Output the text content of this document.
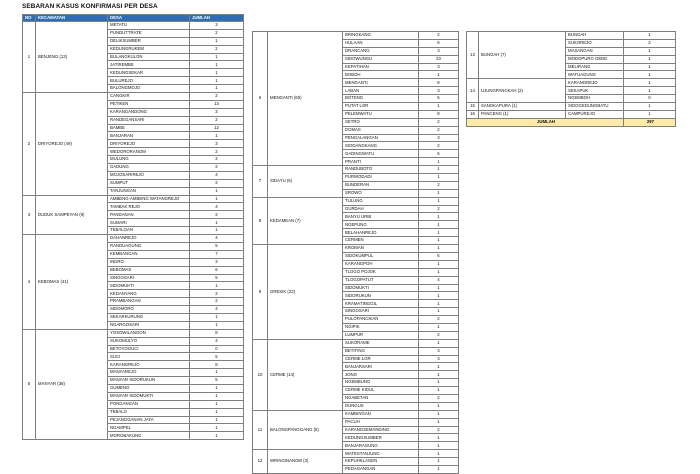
SEBARAN KASUS KONFIRMASI PER DESA
NO	KECAMATAN	DESA	JUMLAH
1	BENJENG (13)	METATU	3
		PUNDUTTRATE	2
		DELIKSUMBER	1
		KEDUNGRUKEM	2
		BULANGKULON	1
		JATIREMBE	1
		KEDUNGSEKAR	1
		BULUREJO	1
		BALONGMOJO	1
2	DRIYOREJO (49)	CANGKIR	2
		PETIKEN	13
		KARANGANDONG	3
		RANDEGANSARI	2
		BAMBE	12
		BANJARAN	1
		DRIYOREJO	3
		WEDORORANOM	2
		MULUNG	2
		GADUNG	2
		MOJOSARIREJO	4
		SUMPUT	2
		TANJUNGAN	1
3	DUDUK SAMPEYAN (9)	AMBENG-AMBENG WATANGREJO	1
		TAMBAK REJO	4
		PANDANAN	2
		SUMARI	1
		TEBALOAN	1
4	KEBOMAS (41)	DAHANREJO	4
		RANDUAGUNG	5
		KEMBANGAN	7
		INDRO	3
		BEBOMAS	6
		SINGOSARI	5
		SIDOMUKTI	1
		KEDANYANG	2
		PRAMBANGAN	2
		SIDOMORO	4
		SEKARKURUNG	1
		NGARGOSARI	1
5	MANYAR (38)	YOSOWILANGON	8
		SUKOMULYO	4
		BETOYOGUCI	0
		SUCI	5
		KARANGREJO	8
		MANYAREJO	1
		MANYAR SIDORUKUN	5
		GUMENO	1
		MANYAR SIDOMUKTI	1
		PONGANGAN	1
		TEBALO	1
		PEJANGGANAN JAYA	1
		NGAMPEL	1
		MOROBAKUNG	1
6	MENGANTI (60)	BRINGKANG	2
		HULAAN	6
		DRANCANG	3
		SIDOWUNGU	23
		KEPATIHAN	3
		BOBOH	1
		MENGANTI	8
		LABAN	3
		BOTENG	5
		PUTAT LOR	1
		PELEMWATU	8
		SETRO	2
		DOMAS	2
		PENGALANGAN	3
		SIODANGKANG	2
		GADINGWATU	6
		PRANTI	1
7	SIDAYU (5)	RANDUBOTO	1
		PURWODADI	1
		BUNDERAN	2
		SROWO	1
8	KEDAMEAN (7)	TULUNG	1
		GURDAH	2
		BANYU URIB	1
		NGEPUNG	1
		BELAHANREJO	1
		CERMEN	1
9	GRESIK (22)	KROMAN	1
		SIDOKUMPUL	6
		KARANGPOH	1
		TLOGO POJOK	1
		TLOGOPATUT	4
		SIDOMUKTI	1
		SIDORUKUN	1
		KRAMATINGGIL	1
		SINGOSARI	1
		PULOPANCIKAN	2
		NGIPIK	1
		LUMPUR	2
10	CERME (14)	SUKORAME	1
		BETITING	3
		CERME LOR	3
		BANJARSARI	1
		JONO	1
		NGEMBUNG	1
		CERME KIDUL	1
		NGABETAN	2
		DUNGUS	1
11	BALONGPANGGANG (5)	KAMBINGAN	1
		PACUH	1
		KARANGSEMANDING	2
		KEDUNGSUMBER	1
		BANJARAGUNG	1
12	WRINGINANOM (3)	WATESTANJUNG	1
		KEPUHKLAGEN	1
		PEDAGANGAN	1
13	BUNGAH (7)	BUNGAH	1
		SUKOREJO	2
		MASANGAN	1
		MODOPURO GEDE	1
		MELIRANG	1
		WATUAGUNG	1
14	UJUNGPANGKAH (2)	KARANGREJO	1
		SEKAPUK	1
		NGEMBOH	0
15	SANGKAPURA (1)	SIDOGEDUNGBATU	1
16	PANCENG (1)	CAMPUREJO	1
JUMLAH			297
